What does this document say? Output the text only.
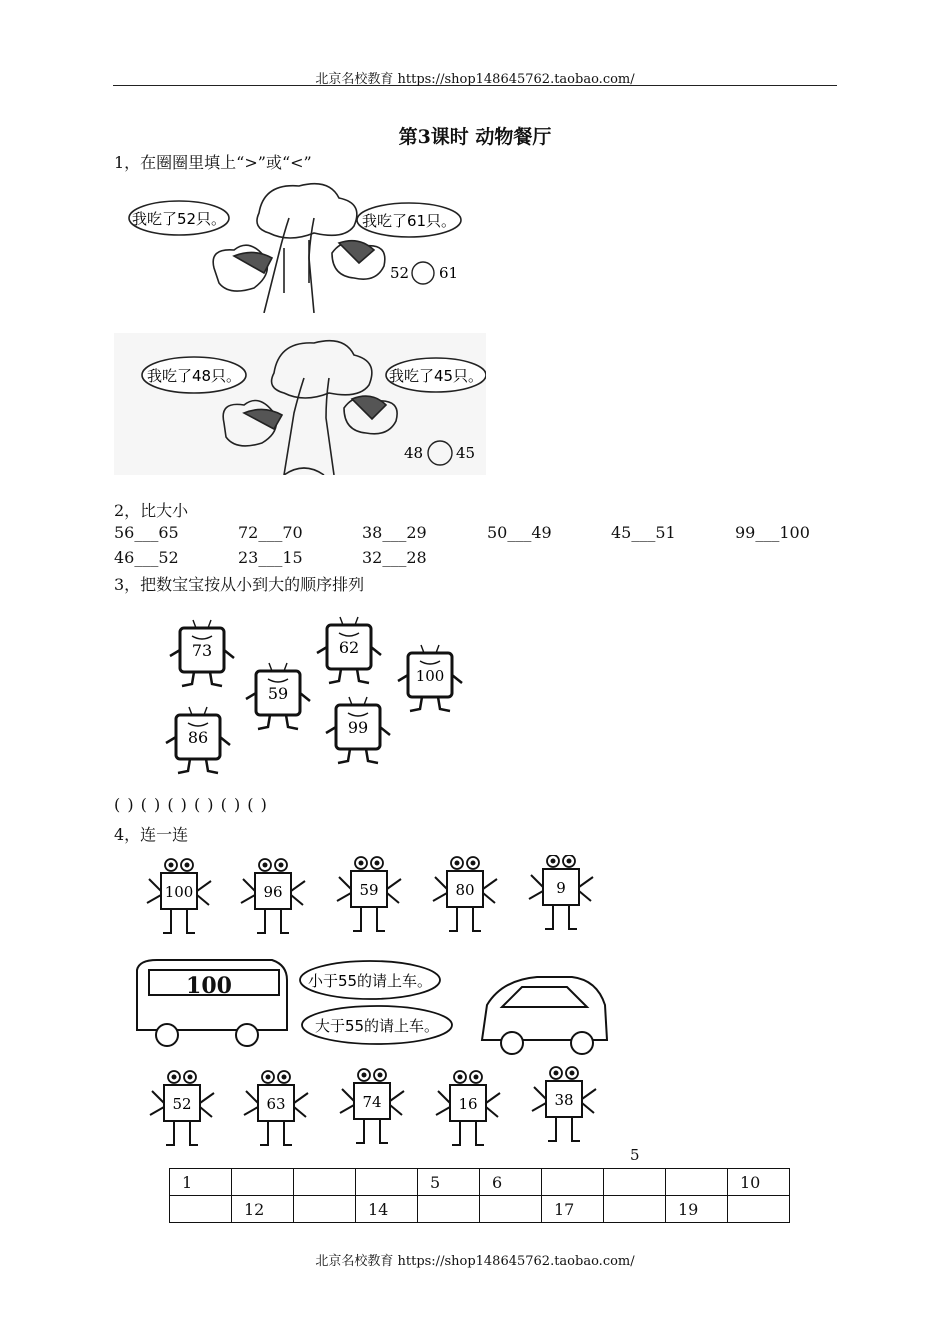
北京名校教育 https://shop148645762.taobao.com/
第3课时 动物餐厅
1，在圈圈里填上“>”或“<”
我吃了52只。	我吃了61只。
52 61
我吃了48只。	我吃了45只。
48 45
2，比大小
56___65	72___70	38___29	50___49	45___51	99___100
46___52	23___15	32___28
3，把数宝宝按从小到大的顺序排列
73	62
59
100
86
99
( ) ( ) ( ) ( ) ( ) ( )
4，连一连
100	96	59	80	9
100	小于55的请上车。
大于55的请上车。
52	63	74	16	38
5
1				5	6				10
	12		14			17		19	
北京名校教育 https://shop148645762.taobao.com/
